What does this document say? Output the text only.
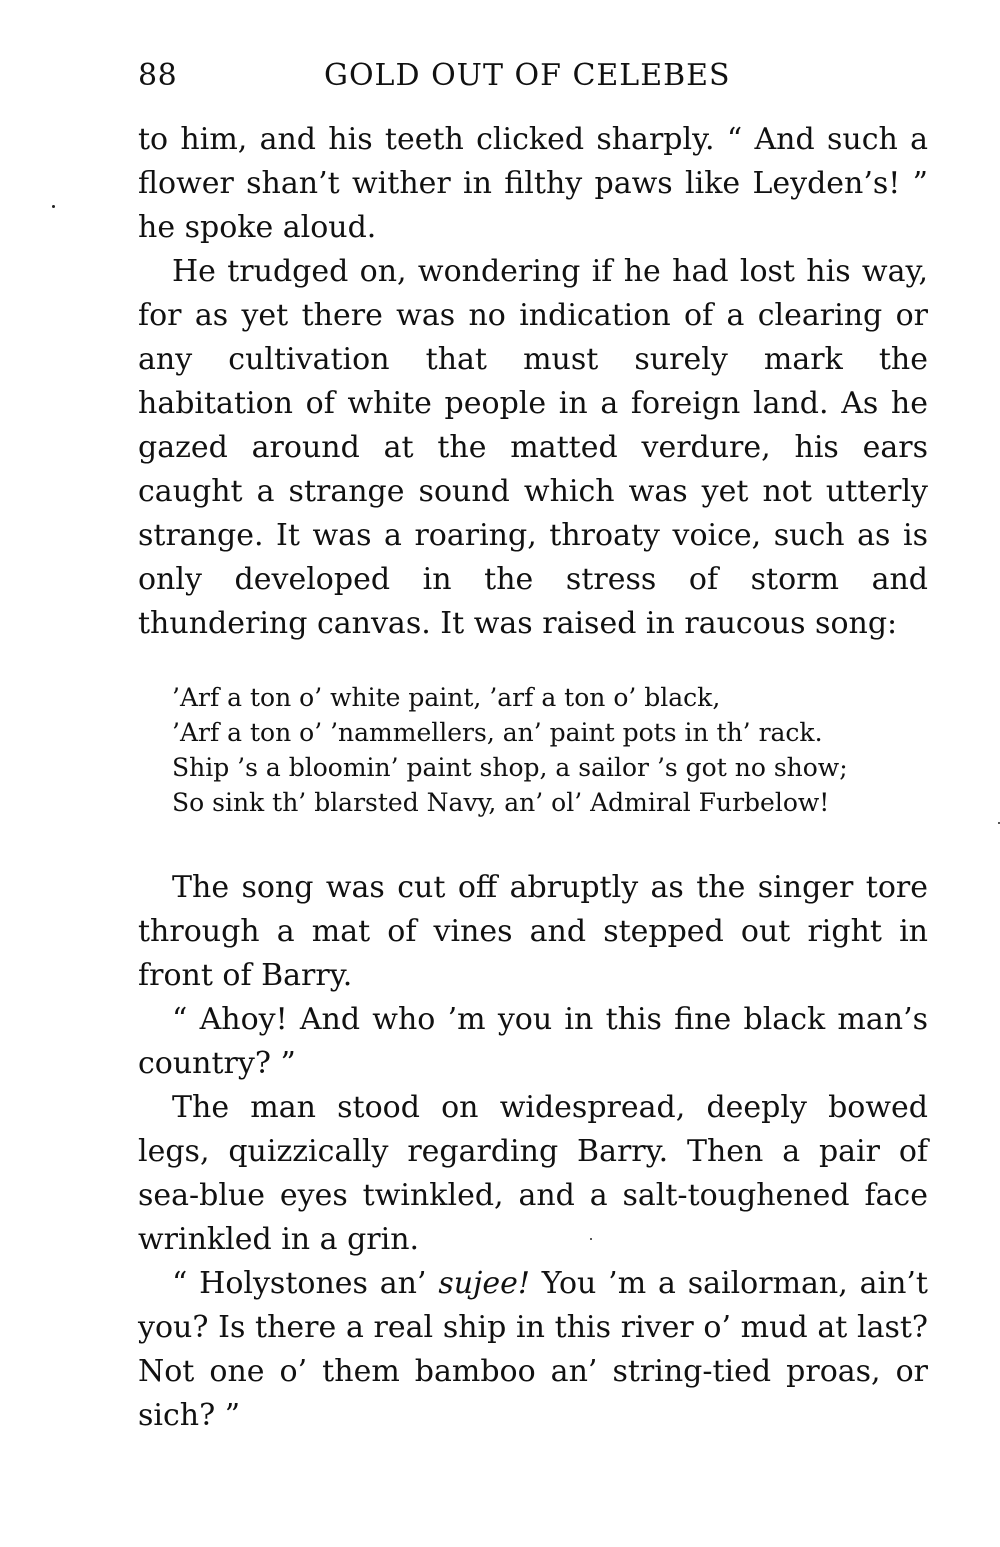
88	GOLD OUT OF CELEBES

to him, and his teeth clicked sharply. “ And such a flower shan’t wither in filthy paws like Leyden’s! ” he spoke aloud.

He trudged on, wondering if he had lost his way, for as yet there was no indication of a clearing or any cultivation that must surely mark the habitation of white people in a foreign land. As he gazed around at the matted verdure, his ears caught a strange sound which was yet not utterly strange. It was a roaring, throaty voice, such as is only developed in the stress of storm and thundering canvas. It was raised in raucous song:

’Arf a ton o’ white paint, ’arf a ton o’ black,
’Arf a ton o’ ’nammellers, an’ paint pots in th’ rack.
Ship ’s a bloomin’ paint shop, a sailor ’s got no show;
So sink th’ blarsted Navy, an’ ol’ Admiral Furbelow!

The song was cut off abruptly as the singer tore through a mat of vines and stepped out right in front of Barry.

“ Ahoy! And who ’m you in this fine black man’s country? ”

The man stood on widespread, deeply bowed legs, quizzically regarding Barry. Then a pair of sea-blue eyes twinkled, and a salt-toughened face wrinkled in a grin.

“ Holystones an’ sujee! You ’m a sailorman, ain’t you? Is there a real ship in this river o’ mud at last? Not one o’ them bamboo an’ string-tied proas, or sich? ”
